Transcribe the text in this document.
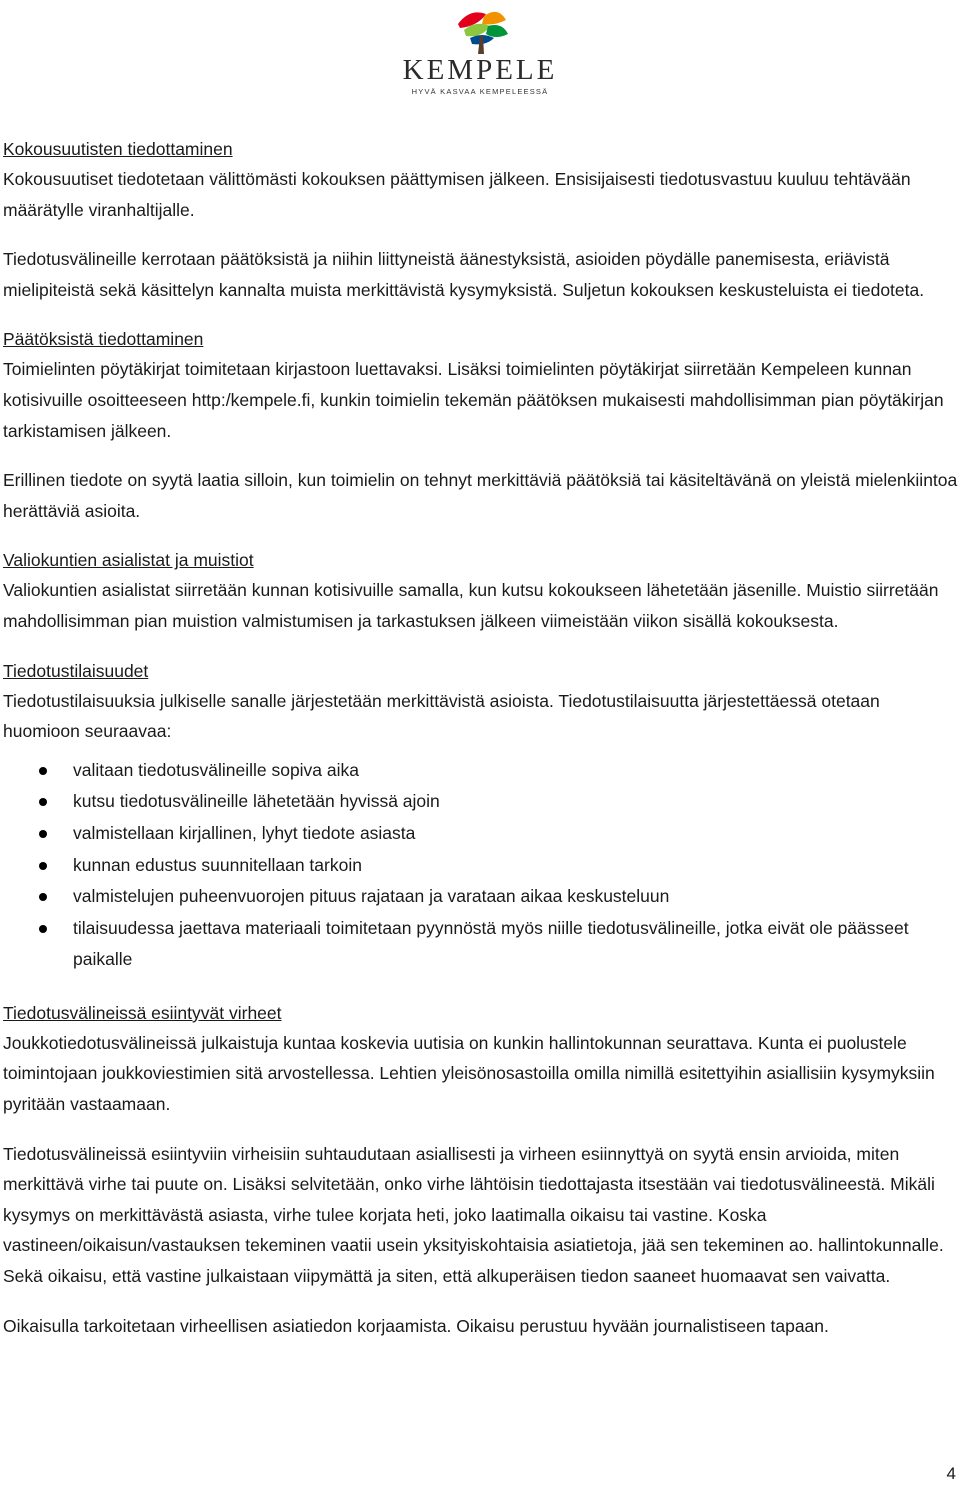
KEMPELE
HYVÄ KASVAA KEMPELEESSÄ
Kokousuutisten tiedottaminen

Kokousuutiset tiedotetaan välittömästi kokouksen päättymisen jälkeen. Ensisijaisesti tiedotusvastuu kuuluu tehtävään määrätylle viranhaltijalle.

Tiedotusvälineille kerrotaan päätöksistä ja niihin liittyneistä äänestyksistä, asioiden pöydälle panemisesta, eriävistä mielipiteistä sekä käsittelyn kannalta muista merkittävistä kysymyksistä. Suljetun kokouksen keskusteluista ei tiedoteta.

Päätöksistä tiedottaminen

Toimielinten pöytäkirjat toimitetaan kirjastoon luettavaksi. Lisäksi toimielinten pöytäkirjat siirretään Kempeleen kunnan kotisivuille osoitteeseen http:/kempele.fi, kunkin toimielin tekemän päätöksen mukaisesti mahdollisimman pian pöytäkirjan tarkistamisen jälkeen.

Erillinen tiedote on syytä laatia silloin, kun toimielin on tehnyt merkittäviä päätöksiä tai käsiteltävänä on yleistä mielenkiintoa herättäviä asioita.

Valiokuntien asialistat ja muistiot

Valiokuntien asialistat siirretään kunnan kotisivuille samalla, kun kutsu kokoukseen lähetetään jäsenille. Muistio siirretään mahdollisimman pian muistion valmistumisen ja tarkastuksen jälkeen viimeistään viikon sisällä kokouksesta.

Tiedotustilaisuudet

Tiedotustilaisuuksia julkiselle sanalle järjestetään merkittävistä asioista. Tiedotustilaisuutta järjestettäessä otetaan huomioon seuraavaa:

valitaan tiedotusvälineille sopiva aika
kutsu tiedotusvälineille lähetetään hyvissä ajoin
valmistellaan kirjallinen, lyhyt tiedote asiasta
kunnan edustus suunnitellaan tarkoin
valmistelujen puheenvuorojen pituus rajataan ja varataan aikaa keskusteluun
tilaisuudessa jaettava materiaali toimitetaan pyynnöstä myös niille tiedotusvälineille, jotka eivät ole päässeet paikalle
Tiedotusvälineissä esiintyvät virheet

Joukkotiedotusvälineissä julkaistuja kuntaa koskevia uutisia on kunkin hallintokunnan seurattava. Kunta ei puolustele toimintojaan joukkoviestimien sitä arvostellessa. Lehtien yleisönosastoilla omilla nimillä esitettyihin asiallisiin kysymyksiin pyritään vastaamaan.

Tiedotusvälineissä esiintyviin virheisiin suhtaudutaan asiallisesti ja virheen esiinnyttyä on syytä ensin arvioida, miten merkittävä virhe tai puute on. Lisäksi selvitetään, onko virhe lähtöisin tiedottajasta itsestään vai tiedotusvälineestä. Mikäli kysymys on merkittävästä asiasta, virhe tulee korjata heti, joko laatimalla oikaisu tai vastine. Koska vastineen/oikaisun/vastauksen tekeminen vaatii usein yksityiskohtaisia asiatietoja, jää sen tekeminen ao. hallintokunnalle. Sekä oikaisu, että vastine julkaistaan viipymättä ja siten, että alkuperäisen tiedon saaneet huomaavat sen vaivatta.

Oikaisulla tarkoitetaan virheellisen asiatiedon korjaamista. Oikaisu perustuu hyvään journalistiseen tapaan.

4
